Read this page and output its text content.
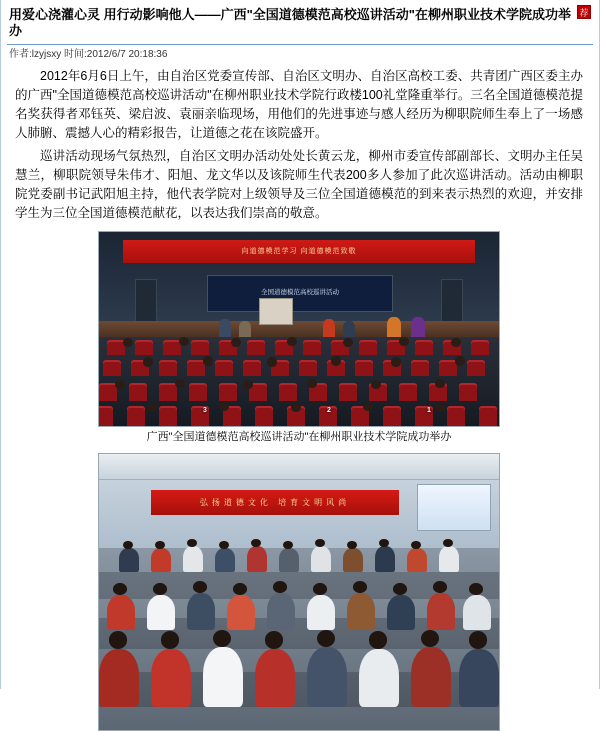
用爱心浇灌心灵 用行动影响他人——广西"全国道德模范高校巡讲活动"在柳州职业技术学院成功举办
荐
作者:lzyjsxy 时间:2012/6/7 20:18:36

2012年6月6日上午，由自治区党委宣传部、自治区文明办、自治区高校工委、共青团广西区委主办的广西"全国道德模范高校巡讲活动"在柳州职业技术学院行政楼100礼堂隆重举行。三名全国道德模范提名奖获得者邓钰英、梁启波、袁丽亲临现场，用他们的先进事迹与感人经历为柳职院师生奉上了一场感人肺腑、震撼人心的精彩报告，让道德之花在该院盛开。

巡讲活动现场气氛热烈，自治区文明办活动处处长黄云龙，柳州市委宣传部副部长、文明办主任吴慧兰，柳职院领导朱伟才、阳旭、龙文华以及该院师生代表200多人参加了此次巡讲活动。活动由柳职院党委副书记武阳旭主持，他代表学院对上级领导及三位全国道德模范的到来表示热烈的欢迎，并安排学生为三位全国道德模范献花，以表达我们崇高的敬意。

向道德模范学习 向道德模范致敬
全国道德模范高校巡讲活动
3	2	1
广西"全国道德模范高校巡讲活动"在柳州职业技术学院成功举办
弘扬道德文化 培育文明风尚
